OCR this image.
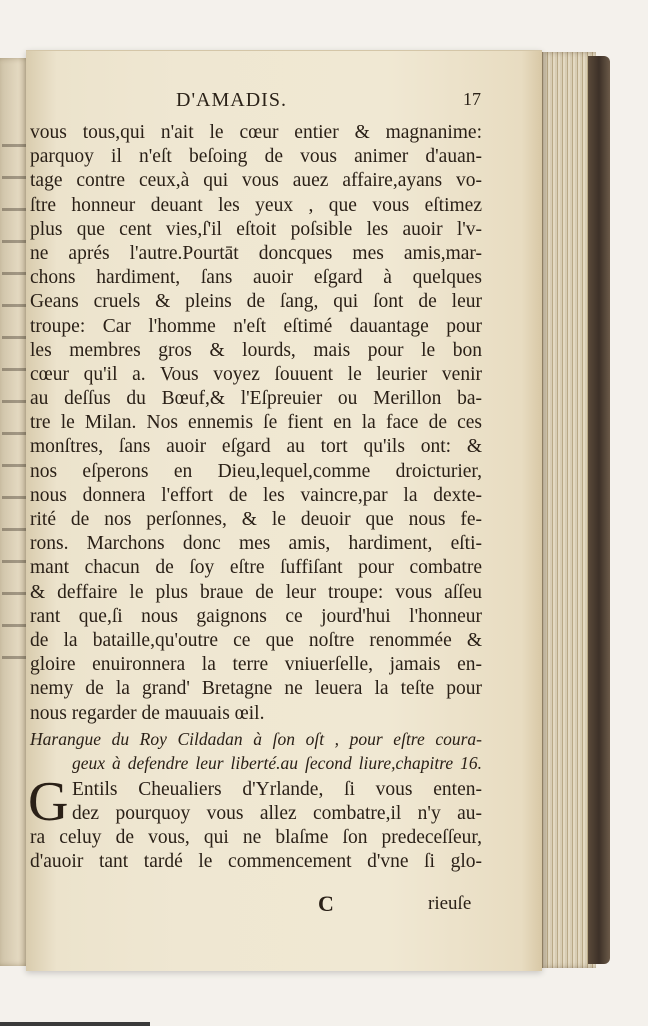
D'AMADIS.	17
vous tous,qui n'ait le cœur entier & magnanime:
parquoy il n'eſt beſoing de vous animer d'auan-
tage contre ceux,à qui vous auez affaire,ayans vo-
ſtre honneur deuant les yeux , que vous eſtimez
plus que cent vies,ſ'il eſtoit poſsible les auoir l'v-
ne aprés l'autre.Pourtāt doncques mes amis,mar-
chons hardiment, ſans auoir eſgard à quelques
Geans cruels & pleins de ſang, qui ſont de leur
troupe: Car l'homme n'eſt eſtimé dauantage pour
les membres gros & lourds, mais pour le bon
cœur qu'il a. Vous voyez ſouuent le leurier venir
au deſſus du Bœuf,& l'Eſpreuier ou Merillon ba-
tre le Milan. Nos ennemis ſe fient en la face de ces
monſtres, ſans auoir eſgard au tort qu'ils ont: &
nos eſperons en Dieu,lequel,comme droicturier,
nous donnera l'effort de les vaincre,par la dexte-
rité de nos perſonnes, & le deuoir que nous fe-
rons. Marchons donc mes amis, hardiment, eſti-
mant chacun de ſoy eſtre ſuffiſant pour combatre
& deffaire le plus braue de leur troupe: vous aſſeu
rant que,ſi nous gaignons ce jourd'hui l'honneur
de la bataille,qu'outre ce que noſtre renommée &
gloire enuironnera la terre vniuerſelle, jamais en-
nemy de la grand' Bretagne ne leuera la teſte pour
nous regarder de mauuais œil.
Harangue du Roy Cildadan à ſon oſt , pour eſtre coura-
geux à defendre leur liberté.au ſecond liure,chapitre 16.
G Entils Cheualiers d'Yrlande, ſi vous enten-
dez pourquoy vous allez combatre,il n'y au-
ra celuy de vous, qui ne blaſme ſon predeceſſeur,
d'auoir tant tardé le commencement d'vne ſi glo-
C	rieuſe
